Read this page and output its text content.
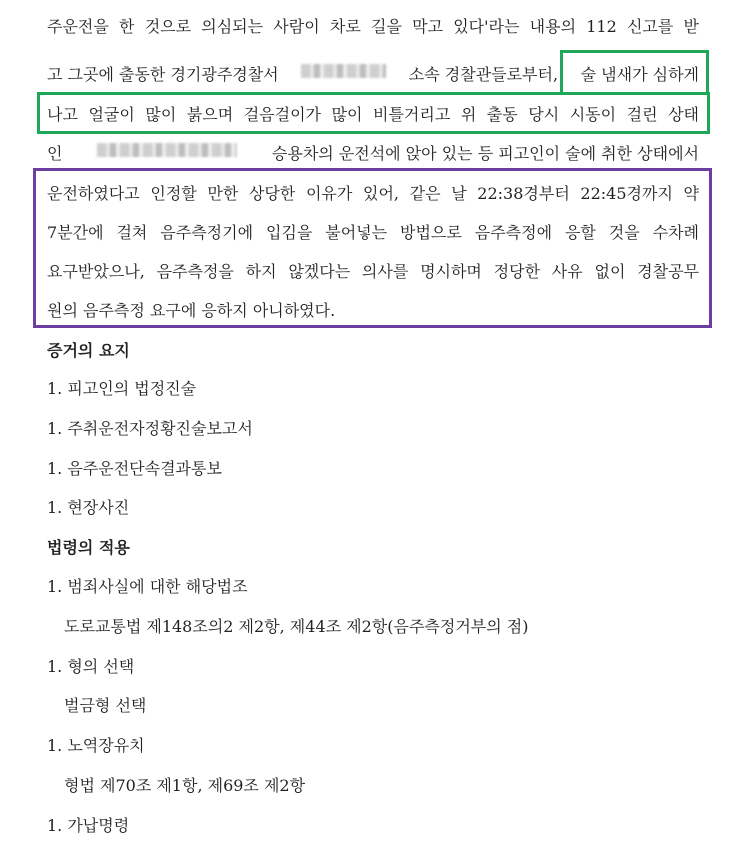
주운전을 한 것으로 의심되는 사람이 차로 길을 막고 있다'라는 내용의 112 신고를 받
고 그곳에 출동한 경기광주경찰서	소속 경찰관들로부터, 술 냄새가 심하게
나고 얼굴이 많이 붉으며 걸음걸이가 많이 비틀거리고 위 출동 당시 시동이 걸린 상태
인	승용차의 운전석에 앉아 있는 등 피고인이 술에 취한 상태에서
운전하였다고 인정할 만한 상당한 이유가 있어, 같은 날 22:38경부터 22:45경까지 약
7분간에 걸쳐 음주측정기에 입김을 불어넣는 방법으로 음주측정에 응할 것을 수차례
요구받았으나, 음주측정을 하지 않겠다는 의사를 명시하며 정당한 사유 없이 경찰공무
원의 음주측정 요구에 응하지 아니하였다.
증거의 요지
1. 피고인의 법정진술
1. 주취운전자정황진술보고서
1. 음주운전단속결과통보
1. 현장사진
법령의 적용
1. 범죄사실에 대한 해당법조
도로교통법 제148조의2 제2항, 제44조 제2항(음주측정거부의 점)
1. 형의 선택
벌금형 선택
1. 노역장유치
형법 제70조 제1항, 제69조 제2항
1. 가납명령
